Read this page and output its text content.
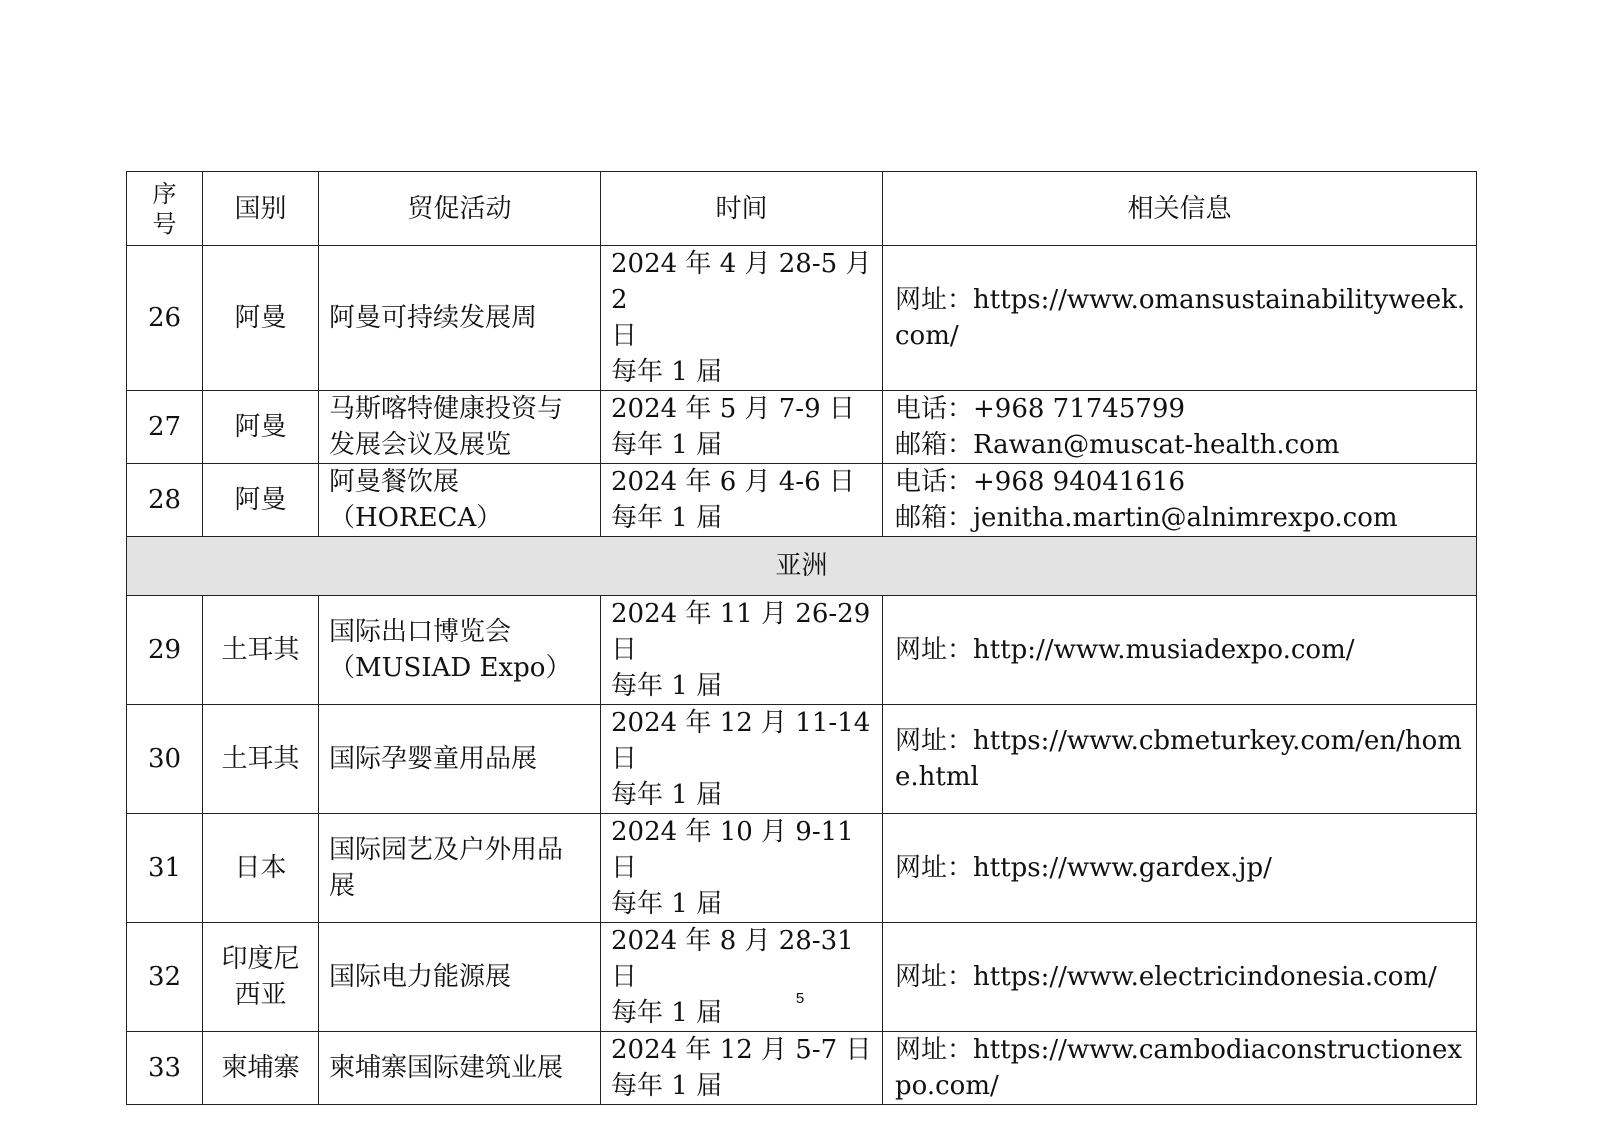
序号	国别	贸促活动	时间	相关信息
26	阿曼	阿曼可持续发展周	2024 年 4 月 28-5 月 2
日
每年 1 届	网址：https://www.omansustainabilityweek.com/

27	阿曼	马斯喀特健康投资与
发展会议及展览	2024 年 5 月 7-9 日
每年 1 届	电话：+968 71745799
邮箱：Rawan@muscat-health.com

28	阿曼	阿曼餐饮展
（HORECA）	2024 年 6 月 4-6 日
每年 1 届	电话：+968 94041616
邮箱：jenitha.martin@alnimrexpo.com

亚洲				
29	土耳其	国际出口博览会
（MUSIAD Expo）	2024 年 11 月 26-29 日
每年 1 届	网址：http://www.musiadexpo.com/

30	土耳其	国际孕婴童用品展	2024 年 12 月 11-14 日
每年 1 届	网址：https://www.cbmeturkey.com/en/home.html

31	日本	国际园艺及户外用品
展	2024 年 10 月 9-11 日
每年 1 届	网址：https://www.gardex.jp/

32	印度尼
西亚	国际电力能源展	2024 年 8 月 28-31 日
每年 1 届	网址：https://www.electricindonesia.com/

33	柬埔寨	柬埔寨国际建筑业展	2024 年 12 月 5-7 日
每年 1 届	网址：https://www.cambodiaconstructionexpo.com/
5
